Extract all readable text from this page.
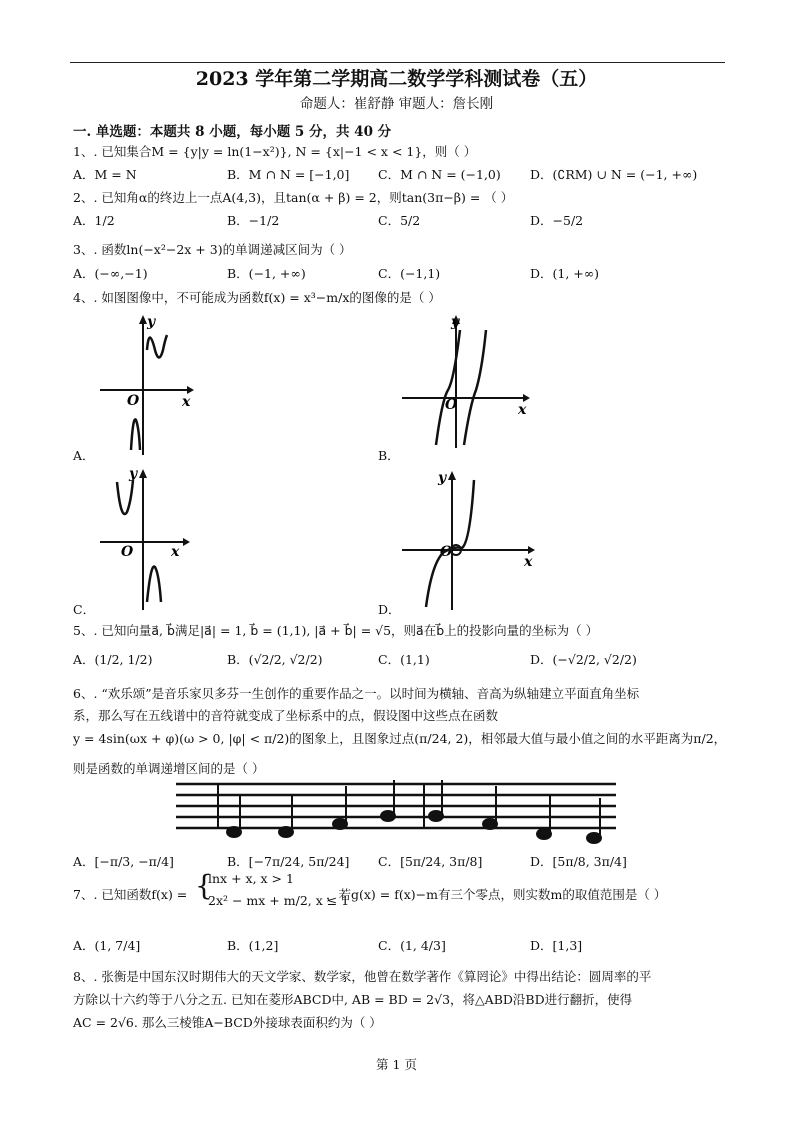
2023 学年第二学期高二数学学科测试卷（五）
命题人：崔舒静 审题人：詹长刚
一. 单选题：本题共 8 小题，每小题 5 分，共 40 分
1、. 已知集合M = {y|y = ln(1−x²)}, N = {x|−1 < x < 1}，则（ ）
A．M = N	B．M ∩ N = [−1,0] C．M ∩ N = (−1,0) D．(∁RM) ∪ N = (−1, +∞)
2、. 已知角α的终边上一点A(4,3)，且tan(α + β) = 2，则tan(3π−β) = （ ）
A．1/2	B．−1/2	C．5/2	D．−5/2
3、. 函数ln(−x²−2x + 3)的单调递减区间为（ ）
A．(−∞,−1)	B．(−1, +∞)	C．(−1,1)	D．(1, +∞)
4、. 如图图像中，不可能成为函数f(x) = x³−m/x的图像的是（ ）
y
x
O
A．
y
x
O
B．
y
x
O
C．
y
x
O
D．
5、. 已知向量a⃗, b⃗满足|a⃗| = 1, b⃗ = (1,1), |a⃗ + b⃗| = √5，则a⃗在b⃗上的投影向量的坐标为（ ）
A．(1/2, 1/2)	B．(√2/2, √2/2)	C．(1,1)	D．(−√2/2, √2/2)
6、. “欢乐颂”是音乐家贝多芬一生创作的重要作品之一。以时间为横轴、音高为纵轴建立平面直角坐标
系，那么写在五线谱中的音符就变成了坐标系中的点，假设图中这些点在函数
y = 4sin(ωx + φ)(ω > 0, |φ| < π/2)的图象上，且图象过点(π/24, 2)，相邻最大值与最小值之间的水平距离为π/2，
则是函数的单调递增区间的是（ ）
A．[−π/3, −π/4]	B．[−7π/24, 5π/24] C．[5π/24, 3π/8]	D．[5π/8, 3π/4]
7、. 已知函数f(x) = {
lnx + x, x > 1
2x² − mx + m/2, x ≤ 1
，若g(x) = f(x)−m有三个零点，则实数m的取值范围是（ ）
A．(1, 7/4]	B．(1,2]	C．(1, 4/3]	D．[1,3]
8、. 张衡是中国东汉时期伟大的天文学家、数学家，他曾在数学著作《算罔论》中得出结论：圆周率的平
方除以十六约等于八分之五. 已知在菱形ABCD中, AB = BD = 2√3，将△ABD沿BD进行翻折，使得
AC = 2√6. 那么三棱锥A−BCD外接球表面积约为（ ）
第 1 页
